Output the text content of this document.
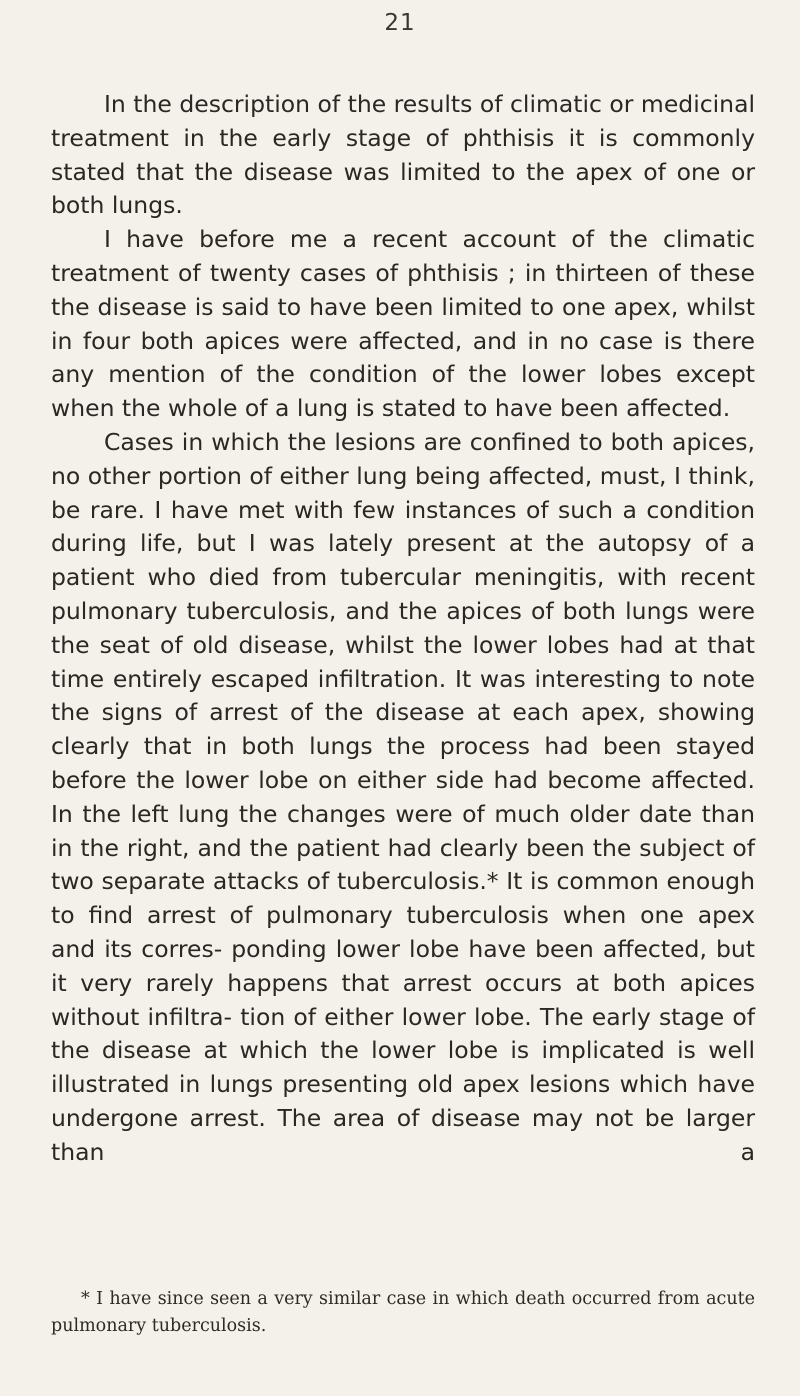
21

In the description of the results of climatic or medicinal treatment in the early stage of phthisis it is commonly stated that the disease was limited to the apex of one or both lungs.

I have before me a recent account of the climatic treatment of twenty cases of phthisis ; in thirteen of these the disease is said to have been limited to one apex, whilst in four both apices were affected, and in no case is there any mention of the condition of the lower lobes except when the whole of a lung is stated to have been affected.

Cases in which the lesions are confined to both apices, no other portion of either lung being affected, must, I think, be rare. I have met with few instances of such a condition during life, but I was lately present at the autopsy of a patient who died from tubercular meningitis, with recent pulmonary tuberculosis, and the apices of both lungs were the seat of old disease, whilst the lower lobes had at that time entirely escaped infiltration. It was interesting to note the signs of arrest of the disease at each apex, showing clearly that in both lungs the process had been stayed before the lower lobe on either side had become affected. In the left lung the changes were of much older date than in the right, and the patient had clearly been the subject of two separate attacks of tuberculosis.* It is common enough to find arrest of pulmonary tuberculosis when one apex and its corres- ponding lower lobe have been affected, but it very rarely happens that arrest occurs at both apices without infiltra- tion of either lower lobe. The early stage of the disease at which the lower lobe is implicated is well illustrated in lungs presenting old apex lesions which have undergone arrest. The area of disease may not be larger than a

* I have since seen a very similar case in which death occurred from acute pulmonary tuberculosis.
